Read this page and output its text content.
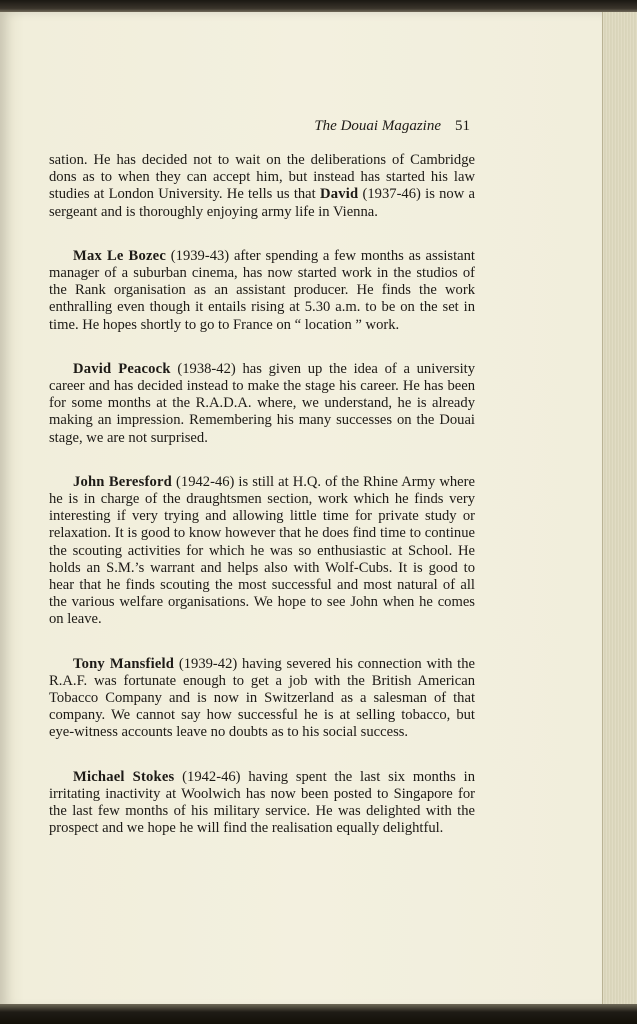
The Douai Magazine 51

sation. He has decided not to wait on the deliberations of Cambridge dons as to when they can accept him, but instead has started his law studies at London University. He tells us that David (1937-46) is now a sergeant and is thoroughly enjoying army life in Vienna.

Max Le Bozec (1939-43) after spending a few months as assistant manager of a suburban cinema, has now started work in the studios of the Rank organisation as an assistant producer. He finds the work enthralling even though it entails rising at 5.30 a.m. to be on the set in time. He hopes shortly to go to France on “ location ” work.

David Peacock (1938-42) has given up the idea of a university career and has decided instead to make the stage his career. He has been for some months at the R.A.D.A. where, we understand, he is already making an impression. Remembering his many successes on the Douai stage, we are not surprised.

John Beresford (1942-46) is still at H.Q. of the Rhine Army where he is in charge of the draughtsmen section, work which he finds very interesting if very trying and allowing little time for private study or relaxation. It is good to know however that he does find time to continue the scouting activities for which he was so enthusiastic at School. He holds an S.M.’s warrant and helps also with Wolf-Cubs. It is good to hear that he finds scouting the most successful and most natural of all the various welfare organisations. We hope to see John when he comes on leave.

Tony Mansfield (1939-42) having severed his connection with the R.A.F. was fortunate enough to get a job with the British American Tobacco Company and is now in Switzerland as a salesman of that company. We cannot say how successful he is at selling tobacco, but eye-witness accounts leave no doubts as to his social success.

Michael Stokes (1942-46) having spent the last six months in irritating inactivity at Woolwich has now been posted to Singapore for the last few months of his military service. He was delighted with the prospect and we hope he will find the realisation equally delightful.
